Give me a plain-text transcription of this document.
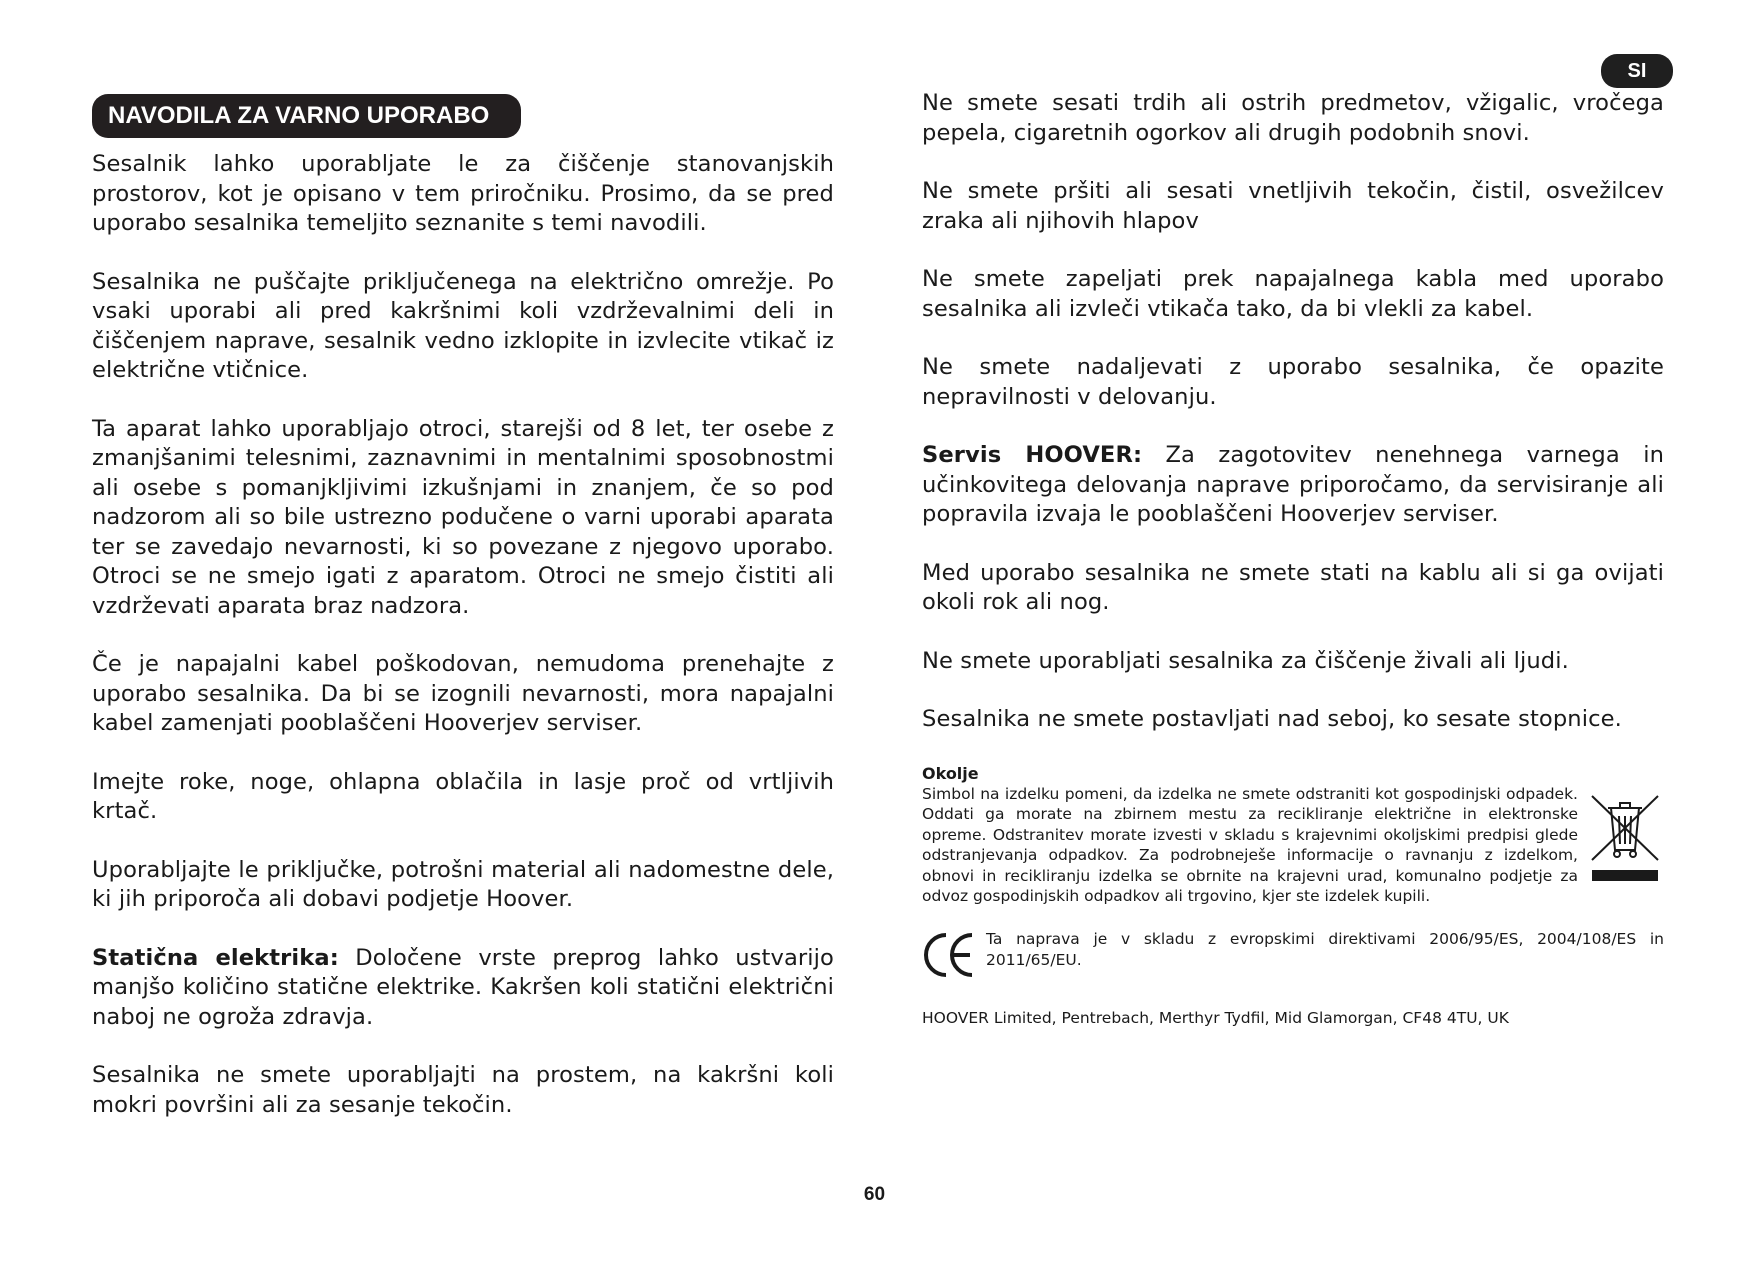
SI
NAVODILA ZA VARNO UPORABO

Sesalnik lahko uporabljate le za čiščenje stanovanjskih prostorov, kot je opisano v tem priročniku. Prosimo, da se pred uporabo sesalnika temeljito seznanite s temi navodili.

Sesalnika ne puščajte priključenega na električno omrežje. Po vsaki uporabi ali pred kakršnimi koli vzdrževalnimi deli in čiščenjem naprave, sesalnik vedno izklopite in izvlecite vtikač iz električne vtičnice.

Ta aparat lahko uporabljajo otroci, starejši od 8 let, ter osebe z zmanjšanimi telesnimi, zaznavnimi in mentalnimi sposobnostmi ali osebe s pomanjkljivimi izkušnjami in znanjem, če so pod nadzorom ali so bile ustrezno podučene o varni uporabi aparata ter se zavedajo nevarnosti, ki so povezane z njegovo uporabo. Otroci se ne smejo igati z aparatom. Otroci ne smejo čistiti ali vzdrževati aparata braz nadzora.

Če je napajalni kabel poškodovan, nemudoma prenehajte z uporabo sesalnika. Da bi se izognili nevarnosti, mora napajalni kabel zamenjati pooblaščeni Hooverjev serviser.

Imejte roke, noge, ohlapna oblačila in lasje proč od vrtljivih krtač.

Uporabljajte le priključke, potrošni material ali nadomestne dele, ki jih priporoča ali dobavi podjetje Hoover.

Statična elektrika: Določene vrste preprog lahko ustvarijo manjšo količino statične elektrike. Kakršen koli statični električni naboj ne ogroža zdravja.

Sesalnika ne smete uporabljajti na prostem, na kakršni koli mokri površini ali za sesanje tekočin.

Ne smete sesati trdih ali ostrih predmetov, vžigalic, vročega pepela, cigaretnih ogorkov ali drugih podobnih snovi.

Ne smete pršiti ali sesati vnetljivih tekočin, čistil, osvežilcev zraka ali njihovih hlapov

Ne smete zapeljati prek napajalnega kabla med uporabo sesalnika ali izvleči vtikača tako, da bi vlekli za kabel.

Ne smete nadaljevati z uporabo sesalnika, če opazite nepravilnosti v delovanju.

Servis HOOVER: Za zagotovitev nenehnega varnega in učinkovitega delovanja naprave priporočamo, da servisiranje ali popravila izvaja le pooblaščeni Hooverjev serviser.

Med uporabo sesalnika ne smete stati na kablu ali si ga ovijati okoli rok ali nog.

Ne smete uporabljati sesalnika za čiščenje živali ali ljudi.

Sesalnika ne smete postavljati nad seboj, ko sesate stopnice.

Okolje
Simbol na izdelku pomeni, da izdelka ne smete odstraniti kot gospodinjski odpadek. Oddati ga morate na zbirnem mestu za recikliranje električne in elektronske opreme. Odstranitev morate izvesti v skladu s krajevnimi okoljskimi predpisi glede odstranjevanja odpadkov. Za podrobneješe informacije o ravnanju z izdelkom, obnovi in recikliranju izdelka se obrnite na krajevni urad, komunalno podjetje za odvoz gospodinjskih odpadkov ali trgovino, kjer ste izdelek kupili.
Ta naprava je v skladu z evropskimi direktivami 2006/95/ES, 2004/108/ES in 2011/65/EU.
HOOVER Limited, Pentrebach, Merthyr Tydfil, Mid Glamorgan, CF48 4TU, UK
60
